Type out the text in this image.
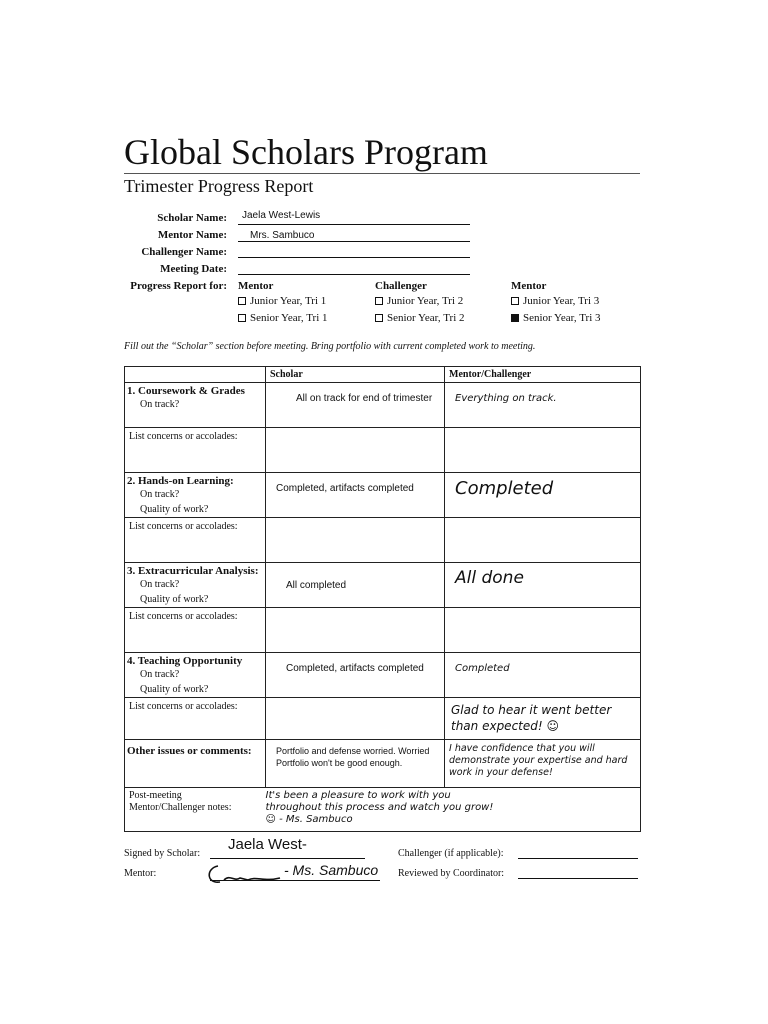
Global Scholars Program
Trimester Progress Report
Scholar Name: Jaela West-Lewis
Mentor Name: Mrs. Sambuco
Challenger Name:
Meeting Date:
Progress Report for: Mentor
Junior Year, Tri 1
Senior Year, Tri 1
Challenger
Junior Year, Tri 2
Senior Year, Tri 2
Mentor
Junior Year, Tri 3
Senior Year, Tri 3
Fill out the “Scholar” section before meeting. Bring portfolio with current completed work to meeting.
	Scholar	Mentor/Challenger

1. Coursework & Grades
On track?	All on track for end of trimester	Everything on track.

List concerns or accolades:		

2. Hands-on Learning:
On track?
Quality of work?	Completed, artifacts completed	Completed

List concerns or accolades:		

3. Extracurricular Analysis:
On track?
Quality of work?	All completed	All done

List concerns or accolades:		

4. Teaching Opportunity
On track?
Quality of work?	Completed, artifacts completed	Completed

List concerns or accolades:		Glad to hear it went better than expected! ☺

Other issues or comments:	Portfolio and defense worried. Worried Portfolio won't be good enough.	I have confidence that you will demonstrate your expertise and hard work in your defense!

Post-meeting
Mentor/Challenger notes:	It's been a pleasure to work with you throughout this process and watch you grow! ☺ - Ms. Sambuco	
Signed by Scholar:
Jaela West-
Mentor:	- Ms. Sambuco
Challenger (if applicable):
Reviewed by Coordinator:
